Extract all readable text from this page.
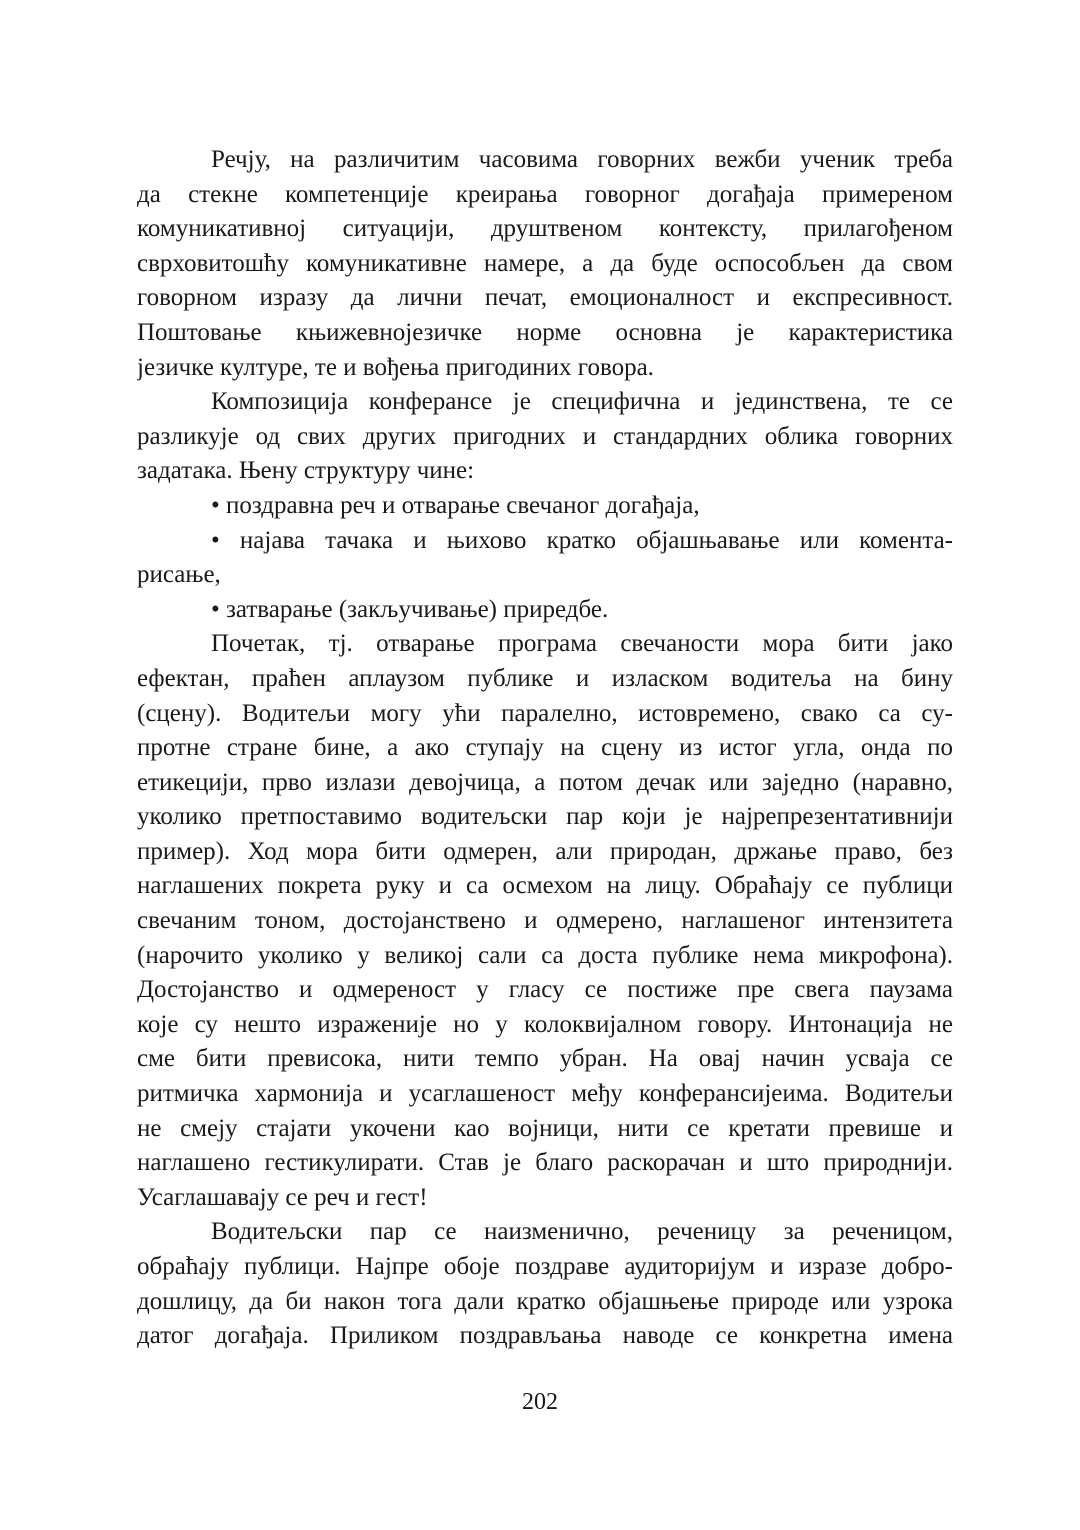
Речју, на различитим часовима говорних вежби ученик треба
да стекне компетенције креирања говорног догађаја примереном
комуникативној ситуацији, друштвеном контексту, прилагођеном
сврховитошћу комуникативне намере, а да буде оспособљен да свом
говорном изразу да лични печат, емоционалност и експресивност.
Поштовање књижевнојезичке норме основна је карактеристика
језичке културе, те и вођења пригодиних говора.
Композиција конферансе је специфична и јединствена, те се
разликује од свих других пригодних и стандардних облика говорних
задатака. Њену структуру чине:
• поздравна реч и отварање свечаног догађаја,
• најава тачака и њихово кратко објашњавање или комента-
рисање,
• затварање (закључивање) приредбе.
Почетак, тј. отварање програма свечаности мора бити јако
ефектан, праћен аплаузом публике и изласком водитеља на бину
(сцену). Водитељи могу ући паралелно, истовремено, свако са су-
протне стране бине, а ако ступају на сцену из истог угла, онда по
етикецији, прво излази девојчица, а потом дечак или заједно (наравно,
уколико претпоставимо водитељски пар који је најрепрезентативнији
пример). Ход мора бити одмерен, али природан, држање право, без
наглашених покрета руку и са осмехом на лицу. Обраћају се публици
свечаним тоном, достојанствено и одмерено, наглашеног интензитета
(нарочито уколико у великој сали са доста публике нема микрофона).
Достојанство и одмереност у гласу се постиже пре свега паузама
које су нешто израженије но у колоквијалном говору. Интонација не
сме бити превисока, нити темпо убран. На овај начин усваја се
ритмичка хармонија и усаглашеност међу конферансијеима. Водитељи
не смеју стајати укочени као војници, нити се кретати превише и
наглашено гестикулирати. Став је благо раскорачан и што природнији.
Усаглашавају се реч и гест!
Водитељски пар се наизменично, реченицу за реченицом,
обраћају публици. Најпре обоје поздраве аудиторијум и изразе добро-
дошлицу, да би након тога дали кратко објашњење природе или узрока
датог догађаја. Приликом поздрављања наводе се конкретна имена
202
